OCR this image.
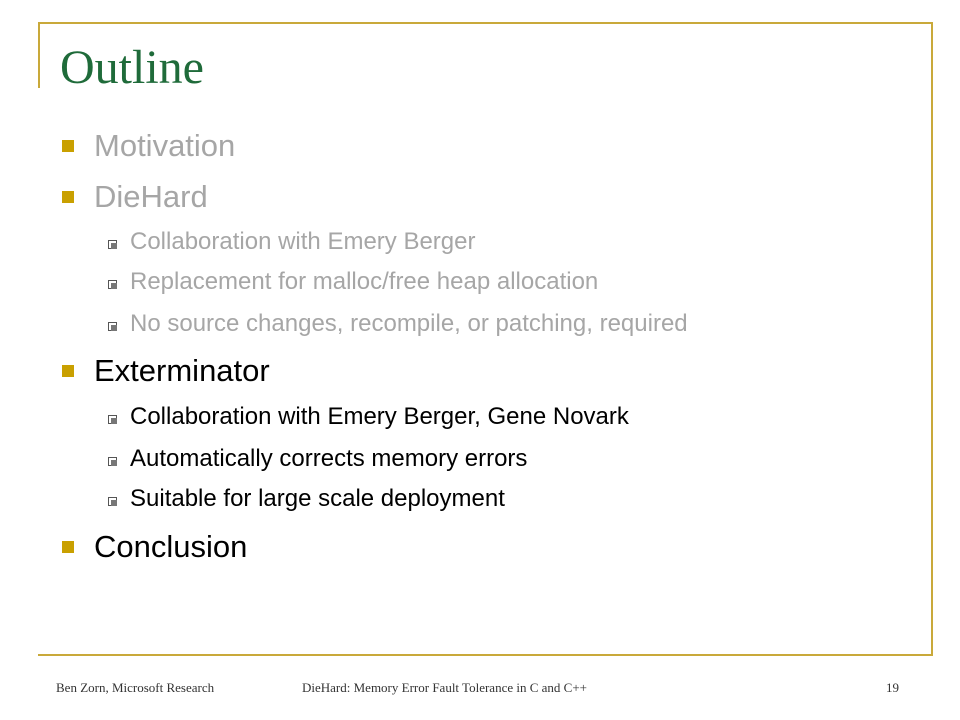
Outline
Motivation
DieHard
Collaboration with Emery Berger
Replacement for malloc/free heap allocation
No source changes, recompile, or patching, required
Exterminator
Collaboration with Emery Berger, Gene Novark
Automatically corrects memory errors
Suitable for large scale deployment
Conclusion
Ben Zorn, Microsoft Research	DieHard: Memory Error Fault Tolerance in C and C++	19
